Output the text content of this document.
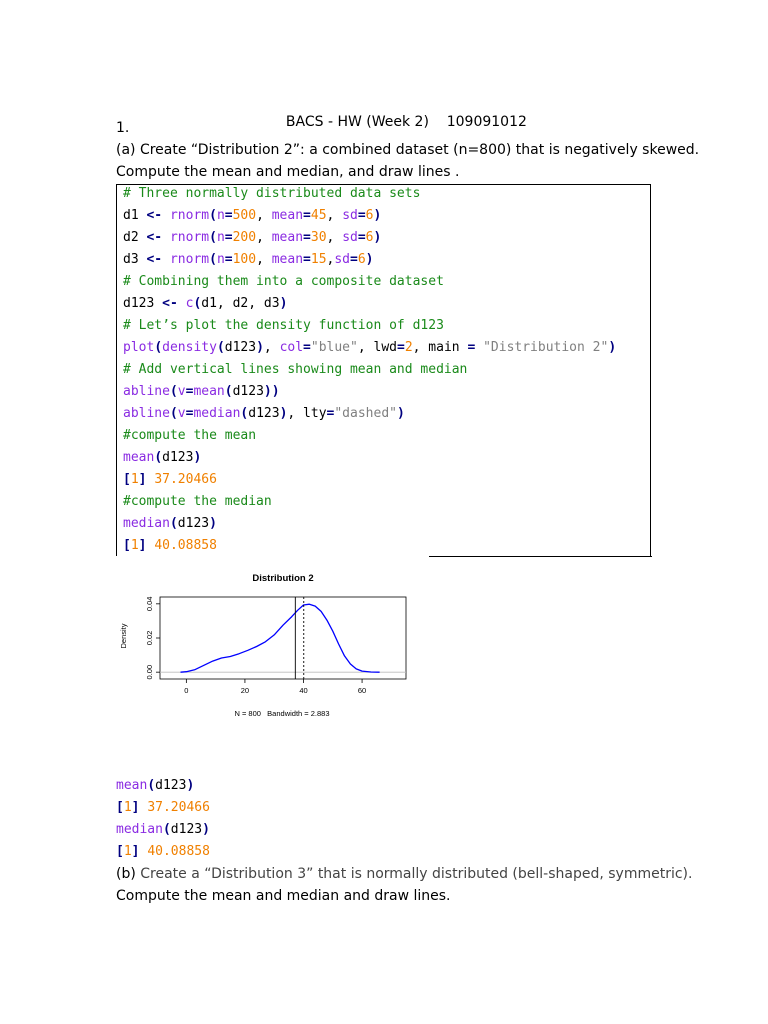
BACS - HW (Week 2) 109091012

1.
(a) Create “Distribution 2”: a combined dataset (n=800) that is negatively skewed.
Compute the mean and median, and draw lines .
# Three normally distributed data sets
d1 <- rnorm(n=500, mean=45, sd=6)
d2 <- rnorm(n=200, mean=30, sd=6)
d3 <- rnorm(n=100, mean=15,sd=6)
# Combining them into a composite dataset
d123 <- c(d1, d2, d3)
# Let’s plot the density function of d123
plot(density(d123), col="blue", lwd=2, main = "Distribution 2")
# Add vertical lines showing mean and median
abline(v=mean(d123))
abline(v=median(d123), lty="dashed")
#compute the mean
mean(d123)
[1] 37.20466
#compute the median
median(d123)
[1] 40.08858
Distribution 2
Density
N = 800   Bandwidth = 2.883
0	20	40	60
0.00
0.02
0.04
mean(d123)
[1] 37.20466
median(d123)
[1] 40.08858
(b) Create a “Distribution 3” that is normally distributed (bell-shaped, symmetric).
Compute the mean and median and draw lines.
